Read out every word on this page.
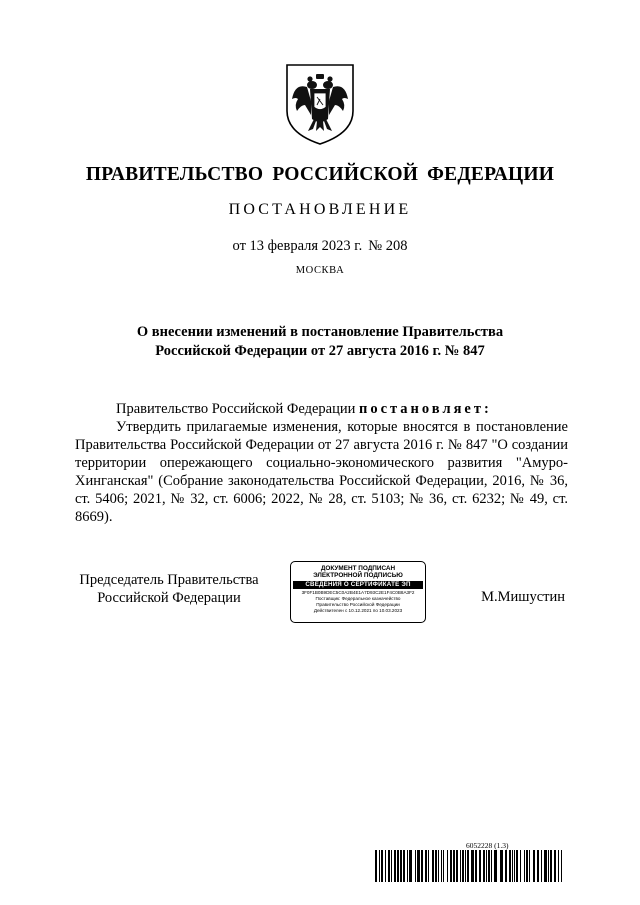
ПРАВИТЕЛЬСТВО РОССИЙСКОЙ ФЕДЕРАЦИИ
ПОСТАНОВЛЕНИЕ
от 13 февраля 2023 г. № 208
МОСКВА
О внесении изменений в постановление Правительства
Российской Федерации от 27 августа 2016 г. № 847

Правительство Российской Федерации постановляет:

Утвердить прилагаемые изменения, которые вносятся в постановление Правительства Российской Федерации от 27 августа 2016 г. № 847 "О создании территории опережающего социально-экономического развития "Амуро-Хинганская" (Собрание законодательства Российской Федерации, 2016, № 36, ст. 5406; 2021, № 32, ст. 6006; 2022, № 28, ст. 5103; № 36, ст. 6232; № 49, ст. 8669).

Председатель Правительства
Российской Федерации
ДОКУМЕНТ ПОДПИСАН
ЭЛЕКТРОННОЙ ПОДПИСЬЮ
СВЕДЕНИЯ О СЕРТИФИКАТЕ ЭП
3F0F1B0B9DEC5C0A2B4E1A7D93C2E1F4C0B8A3F2
Поставщик: Федеральное казначейство
Правительство Российской Федерации
Действителен с 10.12.2021 по 10.03.2023
М.Мишустин
6052228 (1.3)
